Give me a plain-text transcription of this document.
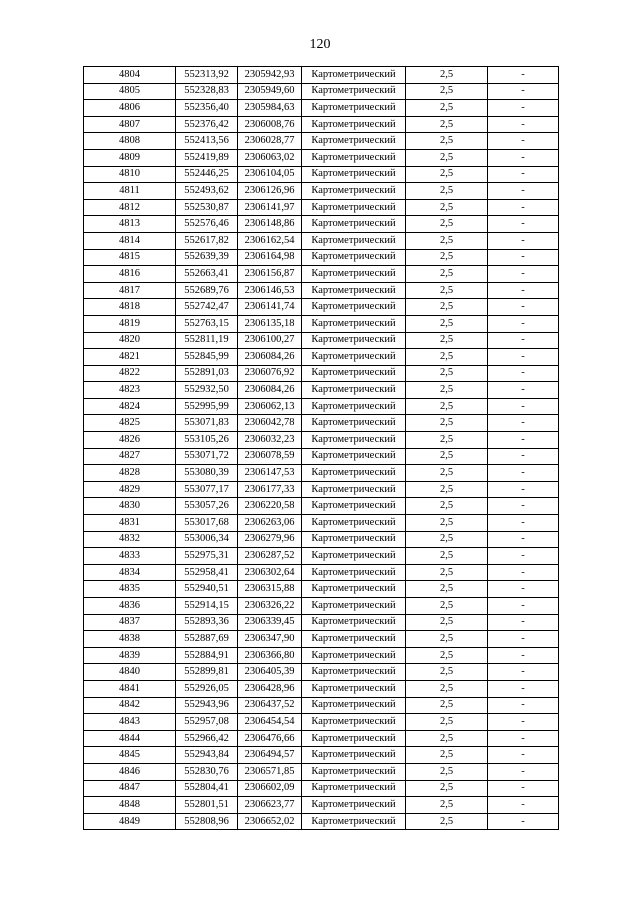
120
4804	552313,92	2305942,93	Картометрический	2,5	-
4805	552328,83	2305949,60	Картометрический	2,5	-
4806	552356,40	2305984,63	Картометрический	2,5	-
4807	552376,42	2306008,76	Картометрический	2,5	-
4808	552413,56	2306028,77	Картометрический	2,5	-
4809	552419,89	2306063,02	Картометрический	2,5	-
4810	552446,25	2306104,05	Картометрический	2,5	-
4811	552493,62	2306126,96	Картометрический	2,5	-
4812	552530,87	2306141,97	Картометрический	2,5	-
4813	552576,46	2306148,86	Картометрический	2,5	-
4814	552617,82	2306162,54	Картометрический	2,5	-
4815	552639,39	2306164,98	Картометрический	2,5	-
4816	552663,41	2306156,87	Картометрический	2,5	-
4817	552689,76	2306146,53	Картометрический	2,5	-
4818	552742,47	2306141,74	Картометрический	2,5	-
4819	552763,15	2306135,18	Картометрический	2,5	-
4820	552811,19	2306100,27	Картометрический	2,5	-
4821	552845,99	2306084,26	Картометрический	2,5	-
4822	552891,03	2306076,92	Картометрический	2,5	-
4823	552932,50	2306084,26	Картометрический	2,5	-
4824	552995,99	2306062,13	Картометрический	2,5	-
4825	553071,83	2306042,78	Картометрический	2,5	-
4826	553105,26	2306032,23	Картометрический	2,5	-
4827	553071,72	2306078,59	Картометрический	2,5	-
4828	553080,39	2306147,53	Картометрический	2,5	-
4829	553077,17	2306177,33	Картометрический	2,5	-
4830	553057,26	2306220,58	Картометрический	2,5	-
4831	553017,68	2306263,06	Картометрический	2,5	-
4832	553006,34	2306279,96	Картометрический	2,5	-
4833	552975,31	2306287,52	Картометрический	2,5	-
4834	552958,41	2306302,64	Картометрический	2,5	-
4835	552940,51	2306315,88	Картометрический	2,5	-
4836	552914,15	2306326,22	Картометрический	2,5	-
4837	552893,36	2306339,45	Картометрический	2,5	-
4838	552887,69	2306347,90	Картометрический	2,5	-
4839	552884,91	2306366,80	Картометрический	2,5	-
4840	552899,81	2306405,39	Картометрический	2,5	-
4841	552926,05	2306428,96	Картометрический	2,5	-
4842	552943,96	2306437,52	Картометрический	2,5	-
4843	552957,08	2306454,54	Картометрический	2,5	-
4844	552966,42	2306476,66	Картометрический	2,5	-
4845	552943,84	2306494,57	Картометрический	2,5	-
4846	552830,76	2306571,85	Картометрический	2,5	-
4847	552804,41	2306602,09	Картометрический	2,5	-
4848	552801,51	2306623,77	Картометрический	2,5	-
4849	552808,96	2306652,02	Картометрический	2,5	-
